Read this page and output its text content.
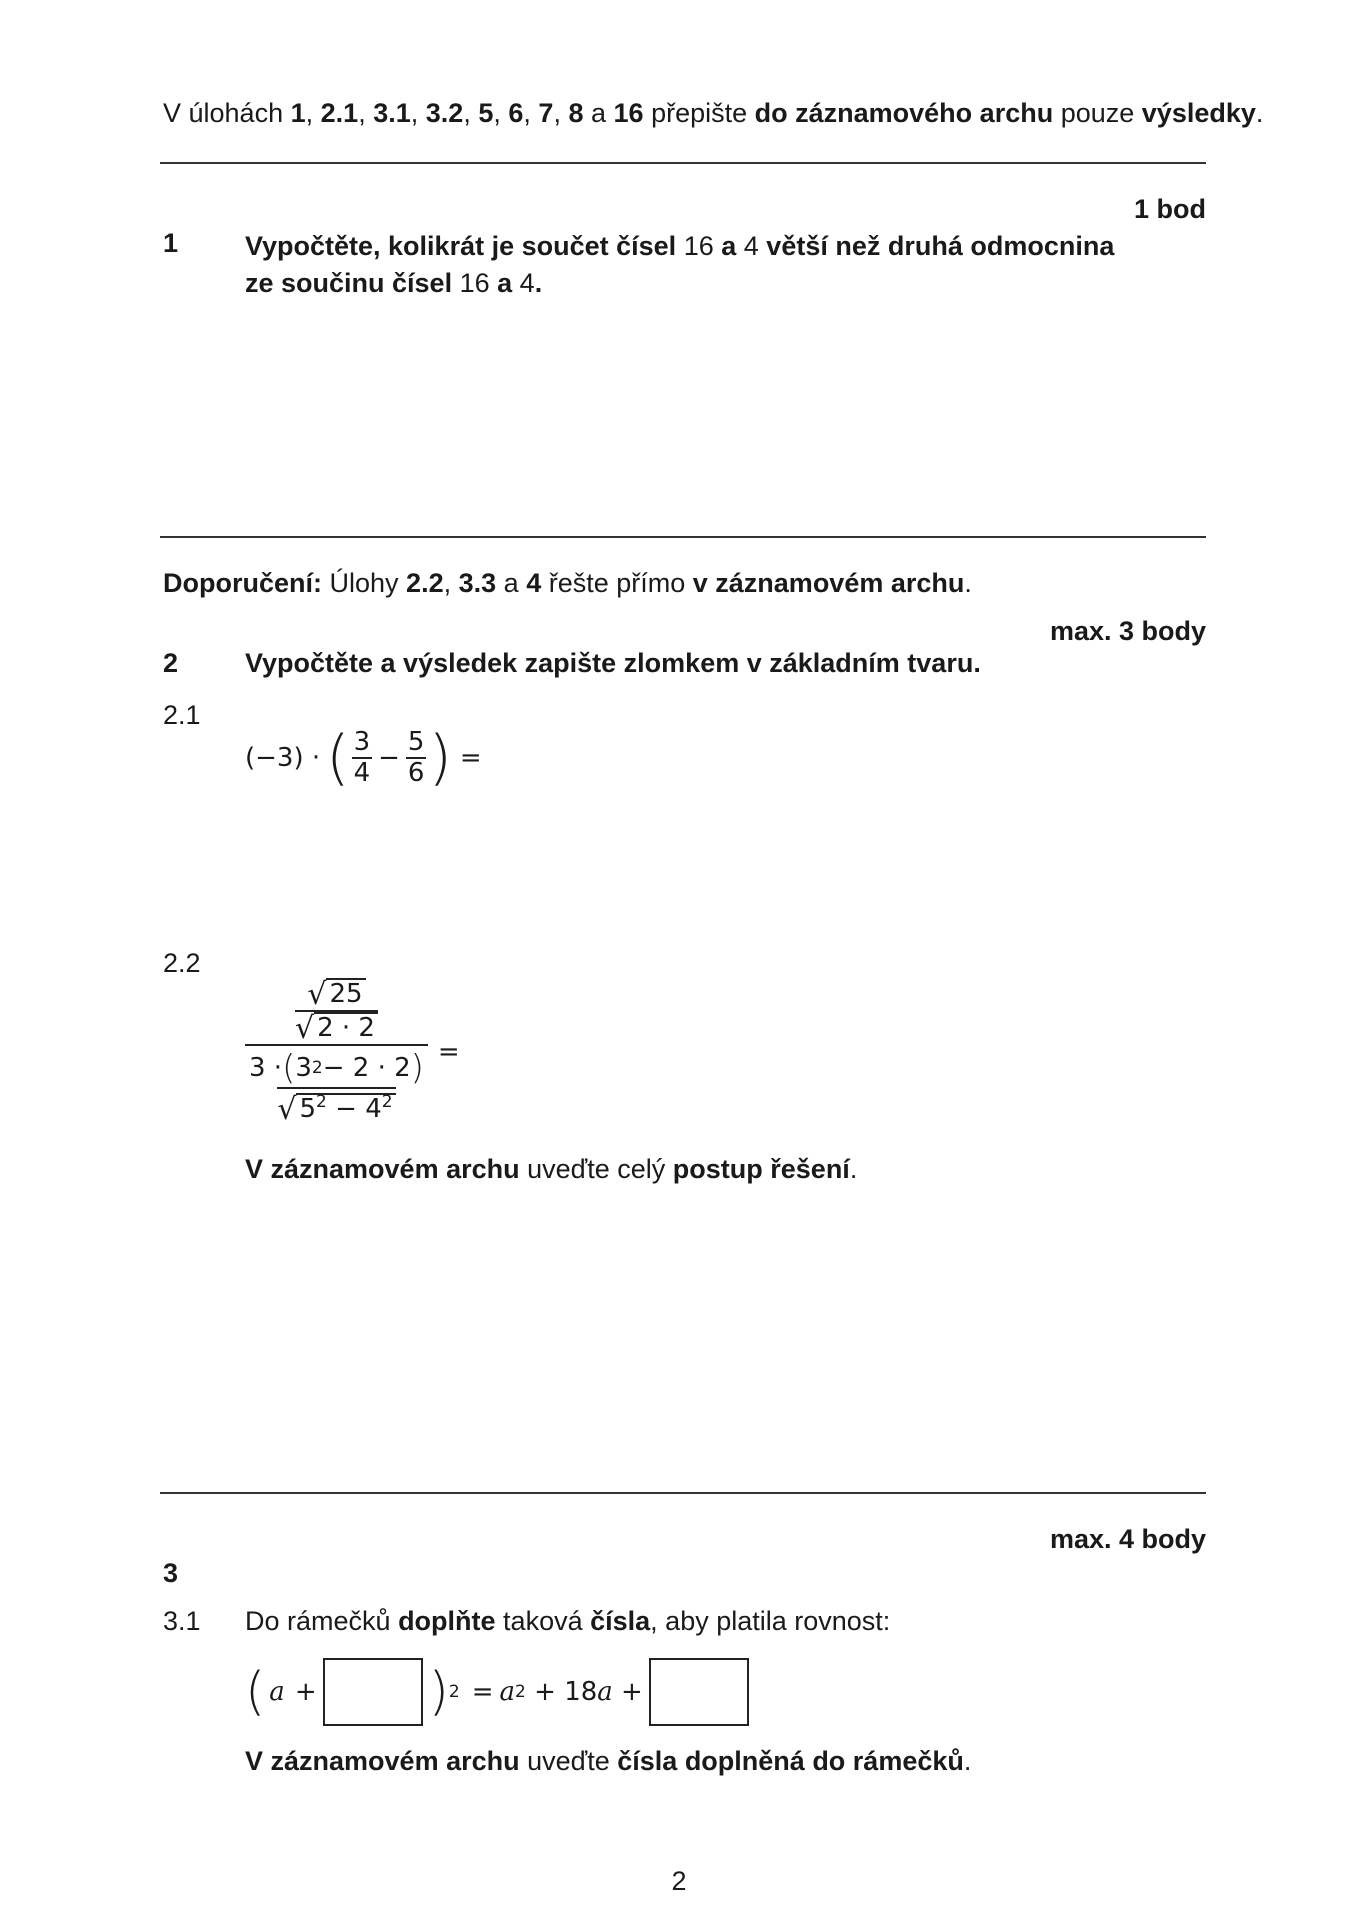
V úlohách 1, 2.1, 3.1, 3.2, 5, 6, 7, 8 a 16 přepište do záznamového archu pouze výsledky.
1 bod
1 Vypočtěte, kolikrát je součet čísel 16 a 4 větší než druhá odmocnina
ze součinu čísel 16 a 4.
Doporučení: Úlohy 2.2, 3.3 a 4 řešte přímo v záznamovém archu.
max. 3 body
2 Vypočtěte a výsledek zapište zlomkem v základním tvaru.
2.1
(−3) · ( $\frac{3}{4} - \frac{5}{6}$ ) =
2.2
√ 25
√ 2 · 2
3 · ( 3 2 − 2 · 2 )
√ $5^2 - 4^2$ =
V záznamovém archu uveďte celý postup řešení.
max. 4 body
3
3.1 Do rámečků doplňte taková čísla, aby platila rovnost:
( a + ) 2 = a 2 + 18 a +
V záznamovém archu uveďte čísla doplněná do rámečků.
2
